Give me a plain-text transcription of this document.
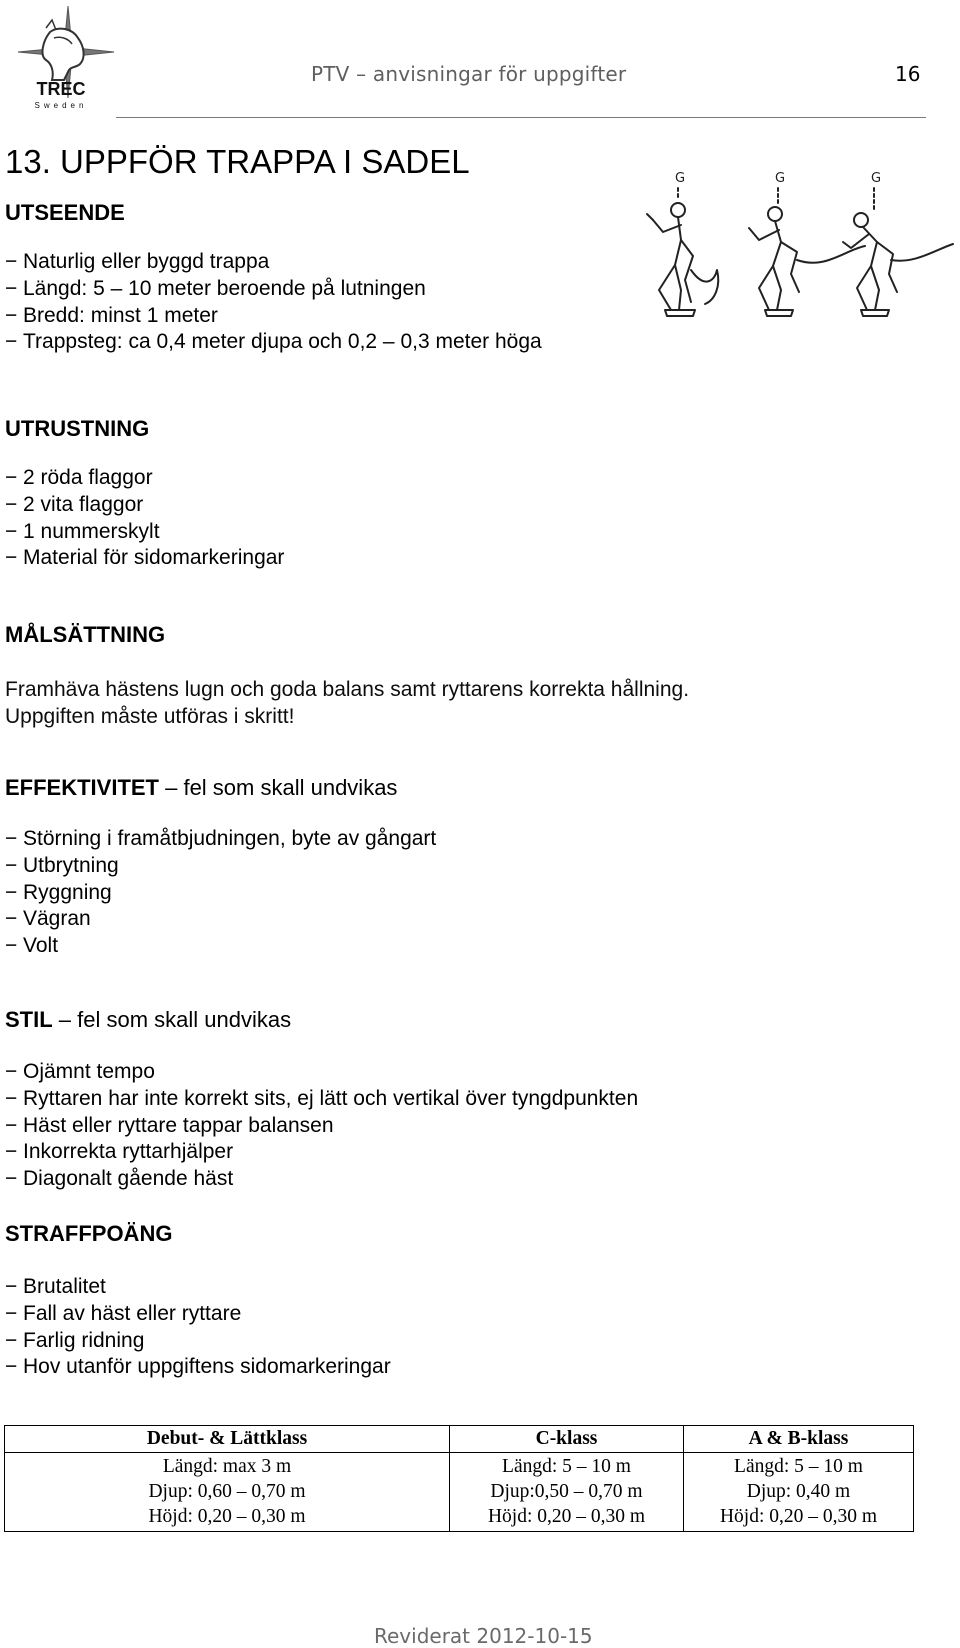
TREC
Sweden
PTV – anvisningar för uppgifter	16
13. UPPFÖR TRAPPA I SADEL	G	G	G
UTSEENDE
− Naturlig eller byggd trappa
− Längd: 5 – 10 meter beroende på lutningen
− Bredd: minst 1 meter
− Trappsteg: ca 0,4 meter djupa och 0,2 – 0,3 meter höga
UTRUSTNING
− 2 röda flaggor
− 2 vita flaggor
− 1 nummerskylt
− Material för sidomarkeringar
MÅLSÄTTNING

Framhäva hästens lugn och goda balans samt ryttarens korrekta hållning.

Uppgiften måste utföras i skritt!

EFFEKTIVITET – fel som skall undvikas
− Störning i framåtbjudningen, byte av gångart
− Utbrytning
− Ryggning
− Vägran
− Volt
STIL – fel som skall undvikas
− Ojämnt tempo
− Ryttaren har inte korrekt sits, ej lätt och vertikal över tyngdpunkten
− Häst eller ryttare tappar balansen
− Inkorrekta ryttarhjälper
− Diagonalt gående häst
STRAFFPOÄNG
− Brutalitet
− Fall av häst eller ryttare
− Farlig ridning
− Hov utanför uppgiftens sidomarkeringar
Debut- & Lättklass	C-klass	A & B-klass

Längd: max 3 m
Djup: 0,60 – 0,70 m
Höjd: 0,20 – 0,30 m	Längd: 5 – 10 m
Djup:0,50 – 0,70 m
Höjd: 0,20 – 0,30 m	Längd: 5 – 10 m
Djup: 0,40 m
Höjd: 0,20 – 0,30 m
Reviderat 2012-10-15
